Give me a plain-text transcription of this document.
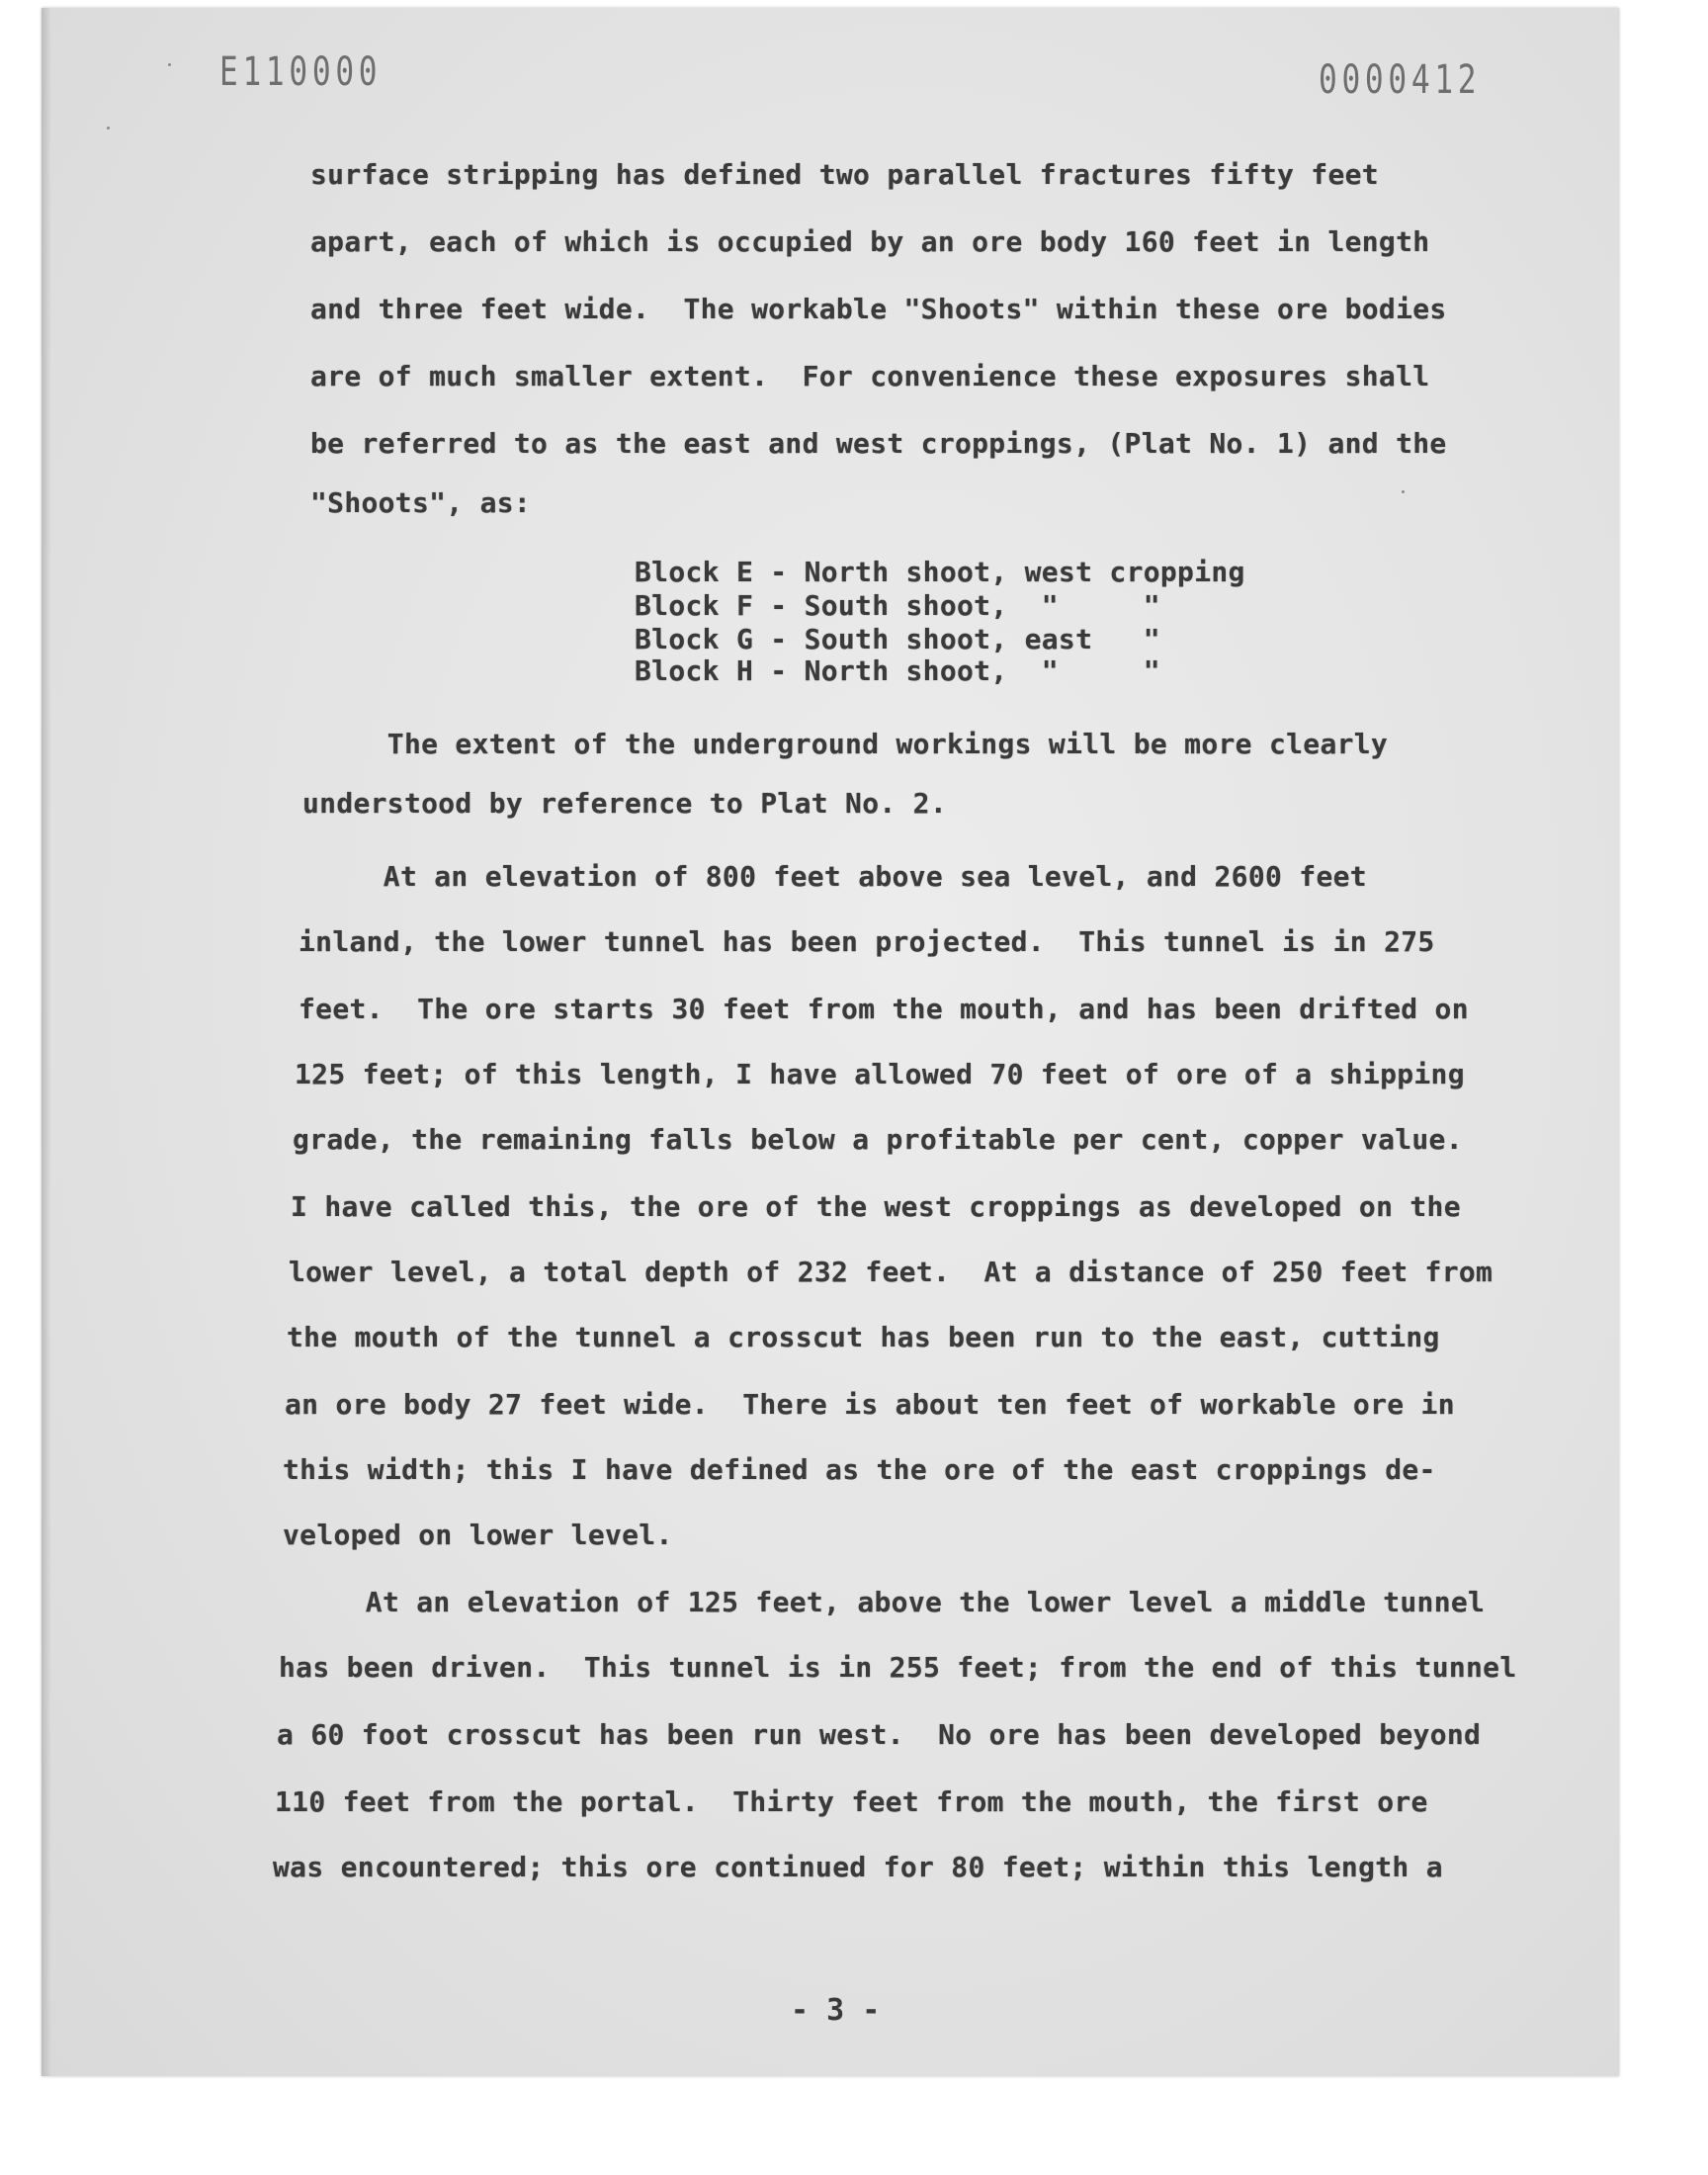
E110000	0000412

surface stripping has defined two parallel fractures fifty feet

apart, each of which is occupied by an ore body 160 feet in length

and three feet wide.  The workable "Shoots" within these ore bodies

are of much smaller extent.  For convenience these exposures shall

be referred to as the east and west croppings, (Plat No. 1) and the

"Shoots", as:

Block E - North shoot, west cropping

Block F - South shoot,  "     "

Block G - South shoot, east   "

Block H - North shoot,  "     "

The extent of the underground workings will be more clearly

understood by reference to Plat No. 2.

At an elevation of 800 feet above sea level, and 2600 feet

inland, the lower tunnel has been projected.  This tunnel is in 275

feet.  The ore starts 30 feet from the mouth, and has been drifted on

125 feet; of this length, I have allowed 70 feet of ore of a shipping

grade, the remaining falls below a profitable per cent, copper value.

I have called this, the ore of the west croppings as developed on the

lower level, a total depth of 232 feet.  At a distance of 250 feet from

the mouth of the tunnel a crosscut has been run to the east, cutting

an ore body 27 feet wide.  There is about ten feet of workable ore in

this width; this I have defined as the ore of the east croppings de-

veloped on lower level.

At an elevation of 125 feet, above the lower level a middle tunnel

has been driven.  This tunnel is in 255 feet; from the end of this tunnel

a 60 foot crosscut has been run west.  No ore has been developed beyond

110 feet from the portal.  Thirty feet from the mouth, the first ore

was encountered; this ore continued for 80 feet; within this length a

- 3 -
